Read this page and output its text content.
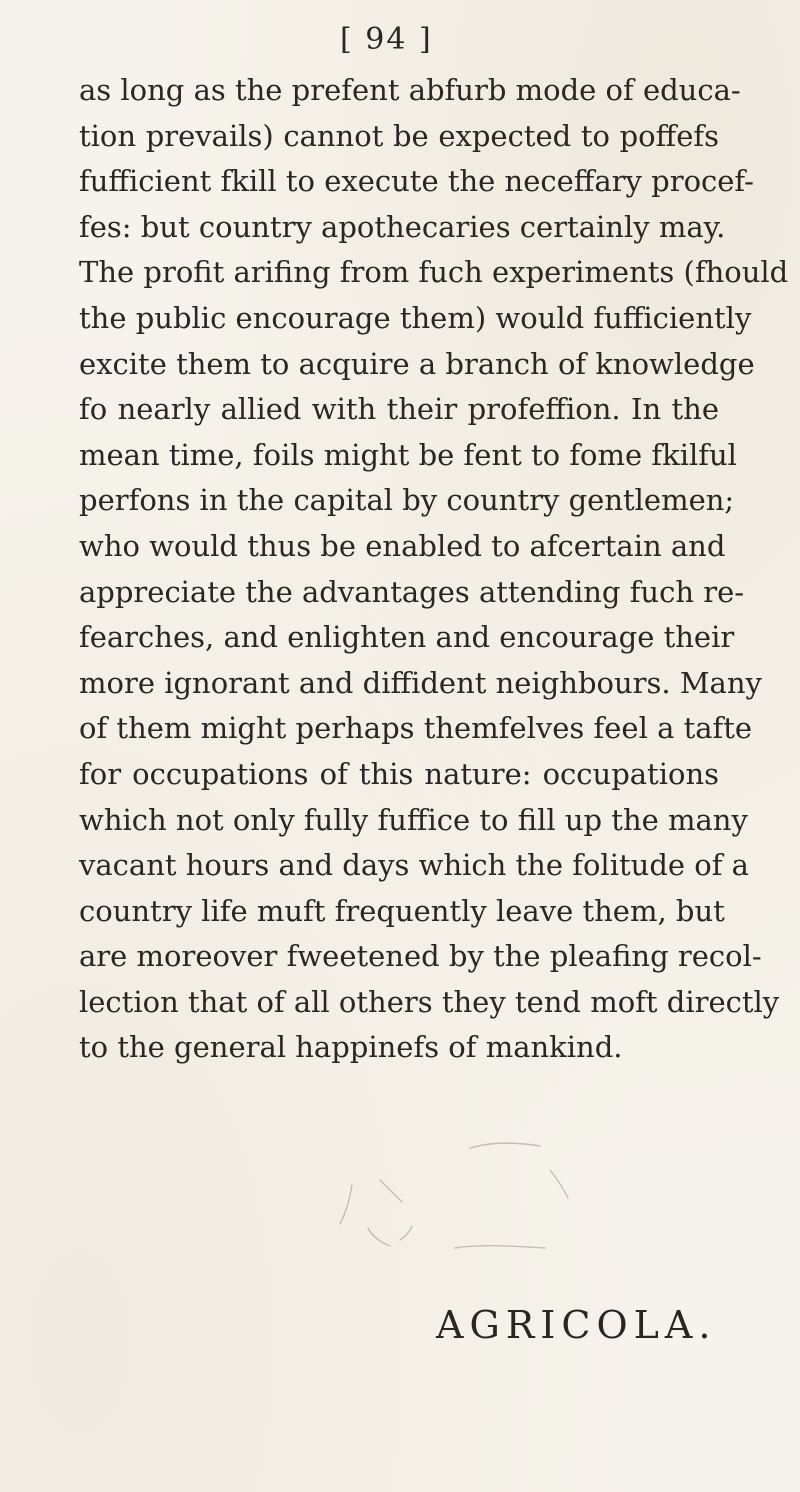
[ 94 ]

as long as the prefent abfurb mode of educa-
tion prevails) cannot be expected to poffefs
fufficient fkill to execute the neceffary procef-
fes: but country apothecaries certainly may.
The profit arifing from fuch experiments (fhould
the public encourage them) would fufficiently
excite them to acquire a branch of knowledge
fo nearly allied with their profeffion. In the
mean time, foils might be fent to fome fkilful
perfons in the capital by country gentlemen;
who would thus be enabled to afcertain and
appreciate the advantages attending fuch re-
fearches, and enlighten and encourage their
more ignorant and diffident neighbours. Many
of them might perhaps themfelves feel a tafte
for occupations of this nature: occupations
which not only fully fuffice to fill up the many
vacant hours and days which the folitude of a
country life muft frequently leave them, but
are moreover fweetened by the pleafing recol-
lection that of all others they tend moft directly
to the general happinefs of mankind.

AGRICOLA.
